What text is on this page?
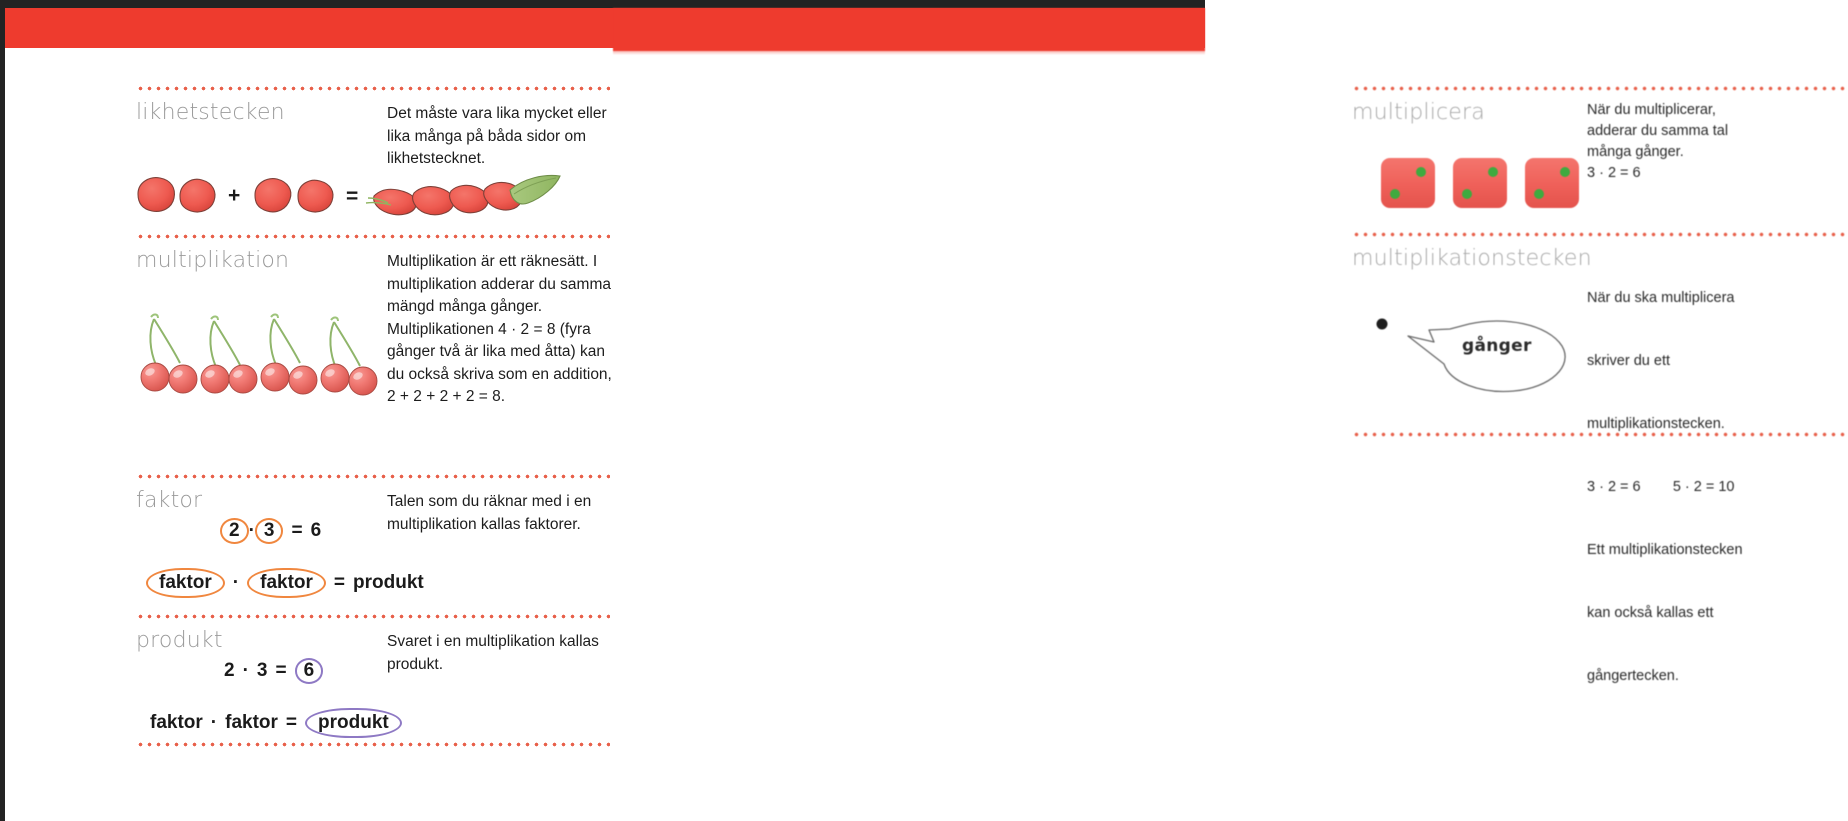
likhetstecken	Det måste vara lika mycket eller lika många på båda sidor om likhetstecknet.
+	=
multiplikation	Multiplikation är ett räknesätt. I multiplikation adderar du samma mängd många gånger. Multiplikationen 4 · 2 = 8 (fyra gånger två är lika med åtta) kan du också skriva som en addition, 2 + 2 + 2 + 2 = 8.
faktor	Talen som du räknar med i en multiplikation kallas faktorer.
2 · 3 = 6
faktor · faktor = produkt
produkt	Svaret i en multiplikation kallas produkt.
2 · 3 = 6
faktor · faktor = produkt
multiplicera	När du multiplicerar,
adderar du samma tal
många gånger.
3 · 2 = 6
multiplikationstecken

När du ska multiplicera

skriver du ett

multiplikationstecken.

3 · 2 = 6        5 · 2 = 10

Ett multiplikationstecken

kan också kallas ett

gångertecken.

gånger
